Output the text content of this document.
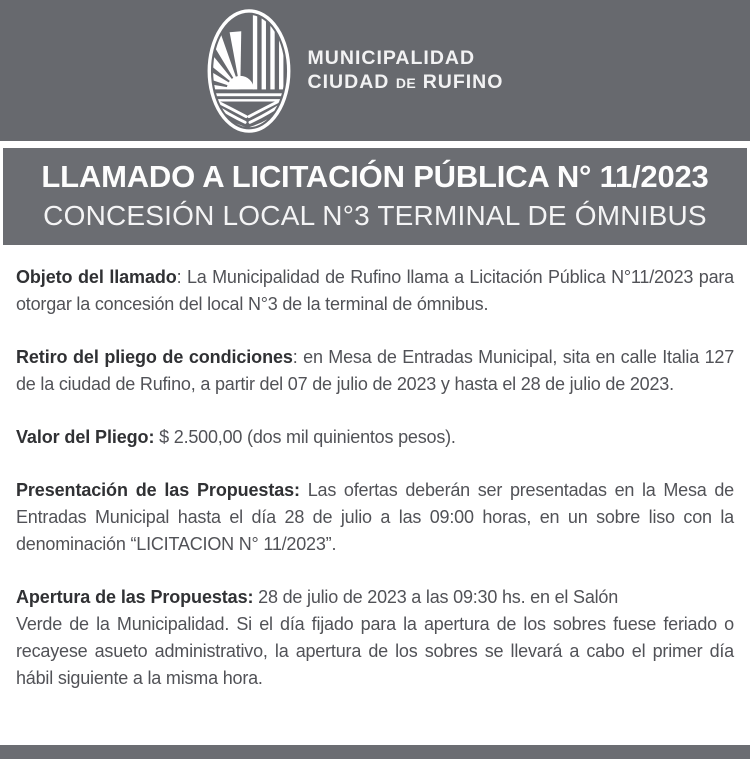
MUNICIPALIDAD
CIUDAD DE RUFINO
LLAMADO A LICITACIÓN PÚBLICA N° 11/2023
CONCESIÓN LOCAL N°3 TERMINAL DE ÓMNIBUS

Objeto del llamado: La Municipalidad de Rufino llama a Licitación Pública N°11/2023 para otorgar la concesión del local N°3 de la terminal de ómnibus.

Retiro del pliego de condiciones: en Mesa de Entradas Municipal, sita en calle Italia 127 de la ciudad de Rufino, a partir del 07 de julio de 2023 y hasta el 28 de julio de 2023.

Valor del Pliego: $ 2.500,00 (dos mil quinientos pesos).

Presentación de las Propuestas: Las ofertas deberán ser presentadas en la Mesa de Entradas Municipal hasta el día 28 de julio a las 09:00 horas, en un sobre liso con la denominación “LICITACION N° 11/2023”.

Apertura de las Propuestas: 28 de julio de 2023 a las 09:30 hs. en el Salón
Verde de la Municipalidad. Si el día fijado para la apertura de los sobres fuese feriado o recayese asueto administrativo, la apertura de los sobres se llevará a cabo el primer día hábil siguiente a la misma hora.
